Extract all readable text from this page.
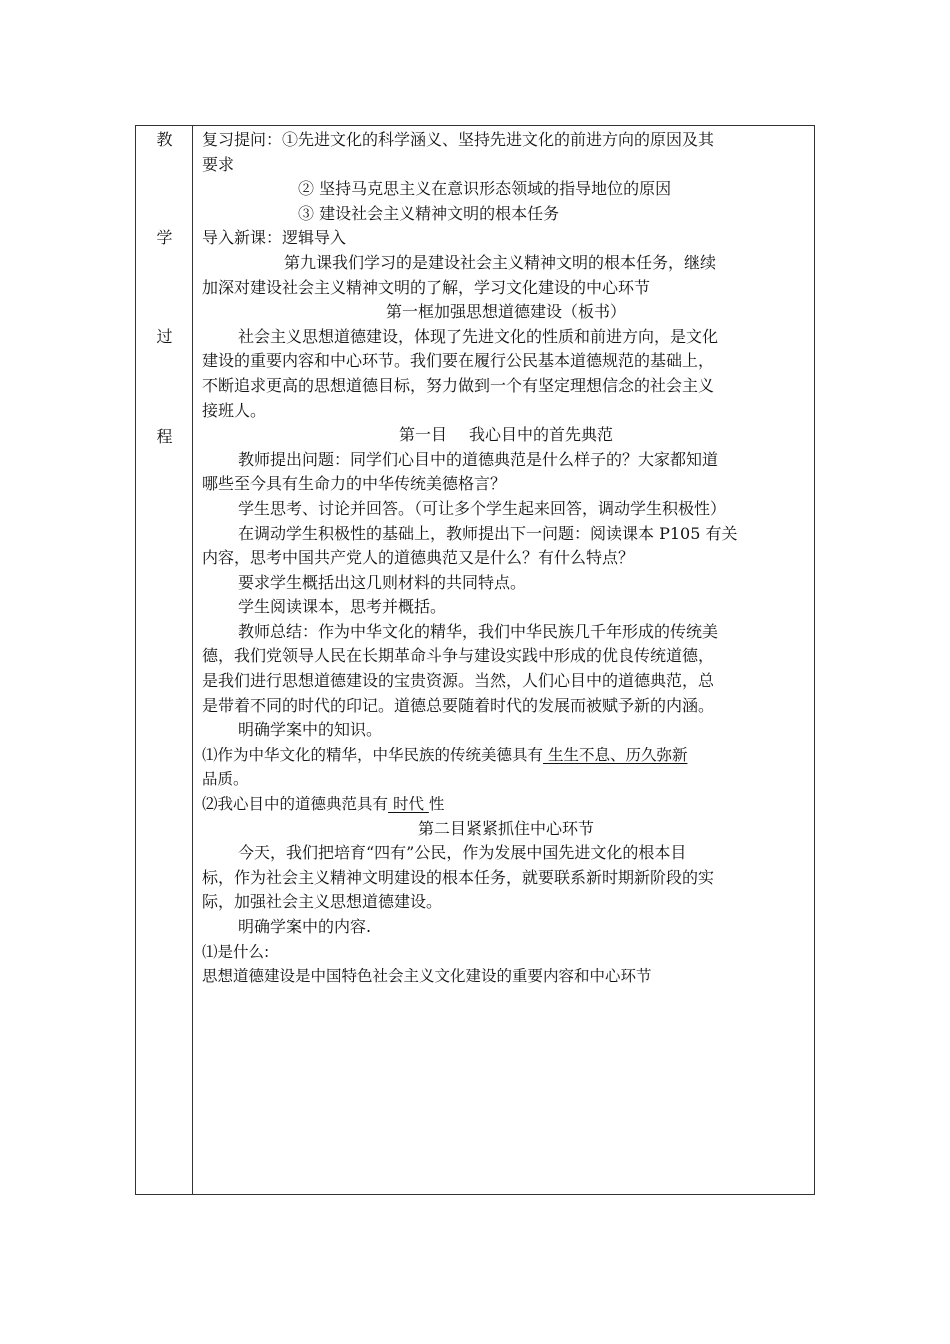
教
学
过
程
复习提问：①先进文化的科学涵义、坚持先进文化的前进方向的原因及其
要求
② 坚持马克思主义在意识形态领域的指导地位的原因
③ 建设社会主义精神文明的根本任务
导入新课：逻辑导入
第九课我们学习的是建设社会主义精神文明的根本任务，继续
加深对建设社会主义精神文明的了解，学习文化建设的中心环节
第一框加强思想道德建设（板书）
社会主义思想道德建设，体现了先进文化的性质和前进方向，是文化
建设的重要内容和中心环节。我们要在履行公民基本道德规范的基础上，
不断追求更高的思想道德目标，努力做到一个有坚定理想信念的社会主义
接班人。
第一目 我心目中的首先典范
教师提出问题：同学们心目中的道德典范是什么样子的？大家都知道
哪些至今具有生命力的中华传统美德格言？
学生思考、讨论并回答。（可让多个学生起来回答，调动学生积极性）
在调动学生积极性的基础上，教师提出下一问题：阅读课本 P105 有关
内容，思考中国共产党人的道德典范又是什么？有什么特点？
要求学生概括出这几则材料的共同特点。
学生阅读课本，思考并概括。
教师总结：作为中华文化的精华，我们中华民族几千年形成的传统美
德，我们党领导人民在长期革命斗争与建设实践中形成的优良传统道德，
是我们进行思想道德建设的宝贵资源。当然，人们心目中的道德典范，总
是带着不同的时代的印记。道德总要随着时代的发展而被赋予新的内涵。
明确学案中的知识。
⑴作为中华文化的精华，中华民族的传统美德具有 生生不息、历久弥新
品质。
⑵我心目中的道德典范具有 时代 性
第二目紧紧抓住中心环节
今天，我们把培育“四有”公民，作为发展中国先进文化的根本目
标，作为社会主义精神文明建设的根本任务，就要联系新时期新阶段的实
际，加强社会主义思想道德建设。
明确学案中的内容.
⑴是什么:
思想道德建设是中国特色社会主义文化建设的重要内容和中心环节
